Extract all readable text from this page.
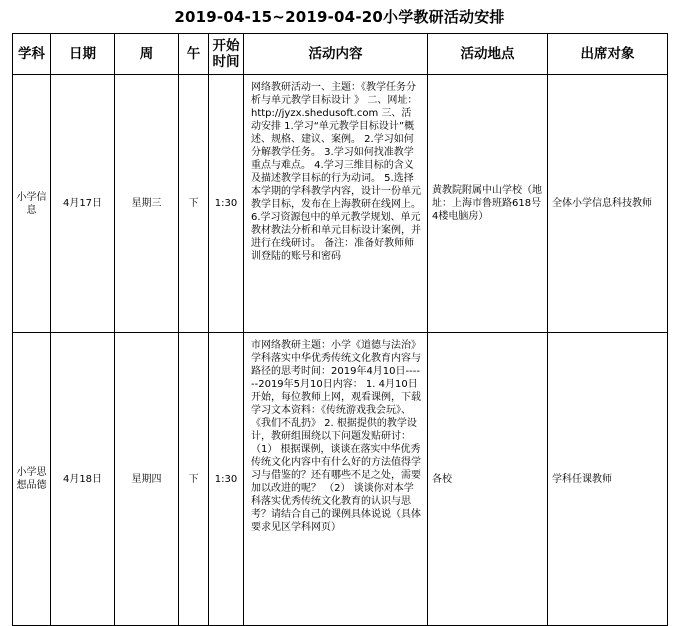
2019-04-15~2019-04-20小学教研活动安排
学科	日期	周	午	开始时间	活动内容	活动地点	出席对象
小学信息	4月17日	星期三	下	1:30	网络教研活动一、主题：《教学任务分析与单元教学目标设计 》 二、网址：http://jyzx.shedusoft.com 三、活动安排 1.学习“单元教学目标设计”概述、规格、建议、案例。 2.学习如何分解教学任务。 3.学习如何找准教学重点与难点。 4.学习三维目标的含义及描述教学目标的行为动词。 5.选择本学期的学科教学内容，设计一份单元教学目标，发布在上海教研在线网上。 6.学习资源包中的单元教学规划、单元教材教法分析和单元目标设计案例，并进行在线研讨。 备注：准备好教师师训登陆的账号和密码	黄教院附属中山学校（地址：上海市鲁班路618号4楼电脑房）	全体小学信息科技教师
小学思想品德	4月18日	星期四	下	1:30	市网络教研主题：小学《道德与法治》学科落实中华优秀传统文化教育内容与路径的思考时间：2019年4月10日------2019年5月10日内容： 1. 4月10日开始，每位教师上网，观看课例，下载学习文本资料：《传统游戏我会玩》、《我们不乱扔》 2. 根据提供的教学设计，教研组围绕以下问题发贴研讨： （1） 根据课例，谈谈在落实中华优秀传统文化内容中有什么好的方法值得学习与借鉴的？还有哪些不足之处，需要加以改进的呢？ （2） 谈谈你对本学科落实优秀传统文化教育的认识与思考？请结合自己的课例具体说说（具体要求见区学科网页）	各校	学科任课教师
